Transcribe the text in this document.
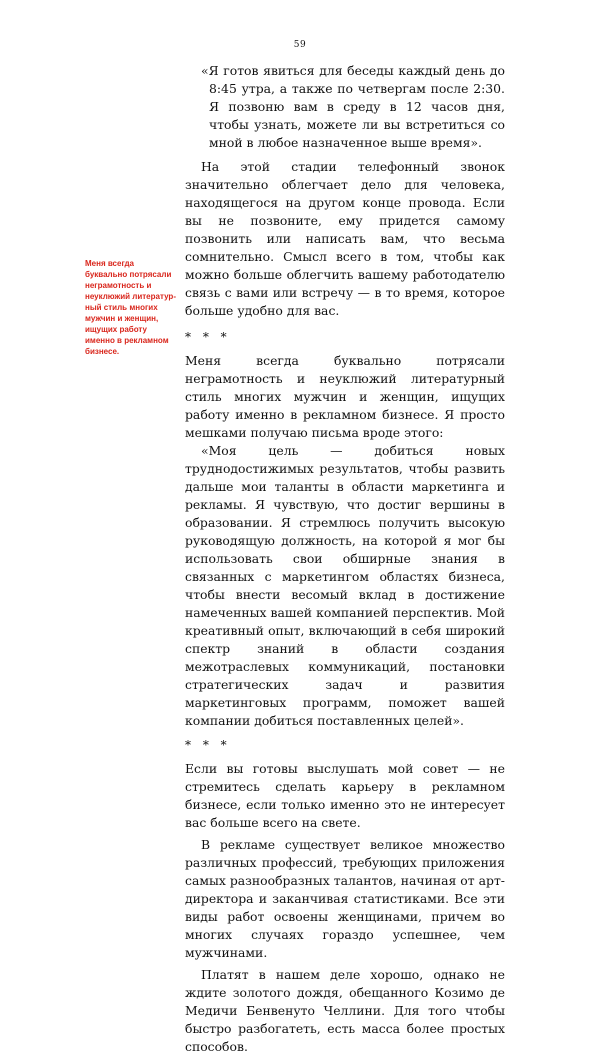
59

«Я готов явиться для беседы каждый день до 8:45 утра, а также по четвергам после 2:30. Я позвоню вам в среду в 12 часов дня, чтобы узнать, можете ли вы встретиться со мной в любое назначенное выше время».

На этой стадии телефонный звонок значительно облегчает дело для человека, находящегося на другом конце провода. Если вы не позвоните, ему придется самому позвонить или написать вам, что весьма сомнительно. Смысл всего в том, чтобы как можно больше облегчить вашему работодателю связь с вами или встречу — в то время, которое больше удобно для вас.

* * *

Меня всегда буквально потрясали неграмотность и неуклюжий литературный стиль многих мужчин и женщин, ищущих работу именно в рекламном бизнесе. Я просто мешками получаю письма вроде этого:

«Моя цель — добиться новых труднодостижимых результатов, чтобы развить дальше мои таланты в области маркетинга и рекламы. Я чувствую, что достиг вершины в образовании. Я стремлюсь получить высокую руководящую должность, на которой я мог бы использовать свои обширные знания в связанных с маркетингом областях бизнеса, чтобы внести весомый вклад в достижение намеченных вашей компанией перспектив. Мой креативный опыт, включающий в себя широкий спектр знаний в области создания межотраслевых коммуникаций, постановки стратегических задач и развития маркетинговых программ, поможет вашей компании добиться поставленных целей».

* * *

Если вы готовы выслушать мой совет — не стремитесь сделать карьеру в рекламном бизнесе, если только именно это не интересует вас больше всего на свете.

В рекламе существует великое множество различных профессий, требующих приложения самых разнообразных талантов, начиная от арт-директора и заканчивая статистиками. Все эти виды работ освоены женщинами, причем во многих случаях гораздо успешнее, чем мужчинами.

Платят в нашем деле хорошо, однако не ждите золотого дождя, обещанного Козимо де Медичи Бенвенуто Челлини. Для того чтобы быстро разбогатеть, есть масса более простых способов.

Меня всегда буквально потрясали неграмотность и неуклюжий литератур-ный стиль многих мужчин и женщин, ищущих работу именно в рекламном бизнесе.
